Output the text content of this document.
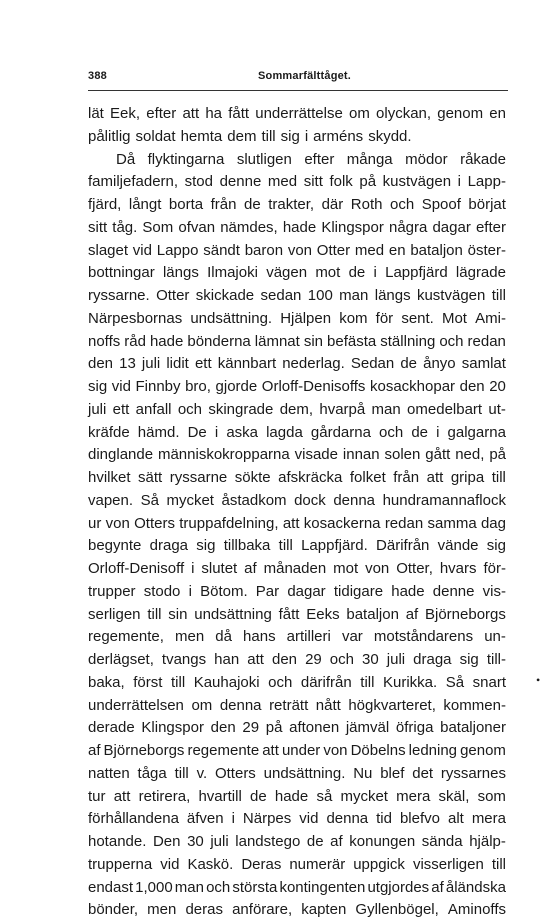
388	Sommarfälttåget.
lät Eek, efter att ha fått underrättelse om olyckan, genom en
pålitlig soldat hemta dem till sig i arméns skydd.
Då flyktingarna slutligen efter många mödor råkade
familjefadern, stod denne med sitt folk på kustvägen i Lapp-
fjärd, långt borta från de trakter, där Roth och Spoof börjat
sitt tåg. Som ofvan nämdes, hade Klingspor några dagar efter
slaget vid Lappo sändt baron von Otter med en bataljon öster-
bottningar längs Ilmajoki vägen mot de i Lappfjärd lägrade
ryssarne. Otter skickade sedan 100 man längs kustvägen till
Närpesbornas undsättning. Hjälpen kom för sent. Mot Ami-
noffs råd hade bönderna lämnat sin befästa ställning och redan
den 13 juli lidit ett kännbart nederlag. Sedan de ånyo samlat
sig vid Finnby bro, gjorde Orloff-Denisoffs kosackhopar den 20
juli ett anfall och skingrade dem, hvarpå man omedelbart ut-
kräfde hämd. De i aska lagda gårdarna och de i galgarna
dinglande människokropparna visade innan solen gått ned, på
hvilket sätt ryssarne sökte afskräcka folket från att gripa till
vapen. Så mycket åstadkom dock denna hundramannaflock
ur von Otters truppafdelning, att kosackerna redan samma dag
begynte draga sig tillbaka till Lappfjärd. Därifrån vände sig
Orloff-Denisoff i slutet af månaden mot von Otter, hvars för-
trupper stodo i Bötom. Par dagar tidigare hade denne vis-
serligen till sin undsättning fått Eeks bataljon af Björneborgs
regemente, men då hans artilleri var motståndarens un-
derlägset, tvangs han att den 29 och 30 juli draga sig till-
baka, först till Kauhajoki och därifrån till Kurikka. Så snart
underrättelsen om denna reträtt nått högkvarteret, kommen-
derade Klingspor den 29 på aftonen jämväl öfriga bataljoner
af Björneborgs regemente att under von Döbelns ledning genom
natten tåga till v. Otters undsättning. Nu blef det ryssarnes
tur att retirera, hvartill de hade så mycket mera skäl, som
förhållandena äfven i Närpes vid denna tid blefvo alt mera
hotande. Den 30 juli landstego de af konungen sända hjälp-
trupperna vid Kaskö. Deras numerär uppgick visserligen till
endast 1,000 man och största kontingenten utgjordes af åländska
bönder, men deras anförare, kapten Gyllenbögel, Aminoffs
•
